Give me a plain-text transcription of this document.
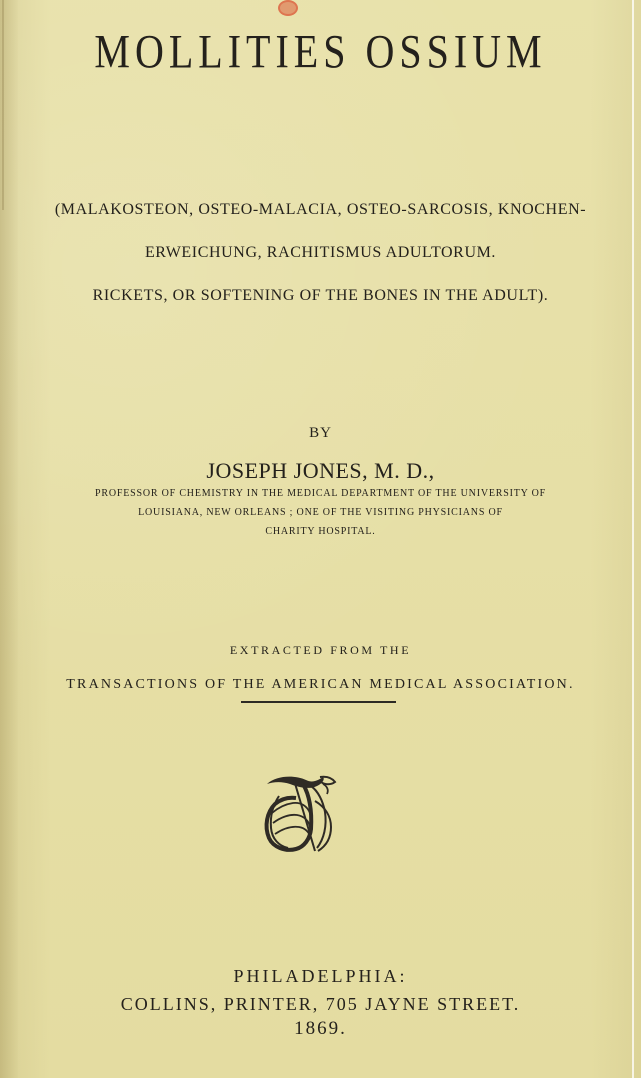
MOLLITIES OSSIUM
(MALAKOSTEON, OSTEO-MALACIA, OSTEO-SARCOSIS, KNOCHEN-
ERWEICHUNG, RACHITISMUS ADULTORUM.
RICKETS, OR SOFTENING OF THE BONES IN THE ADULT).
BY
JOSEPH JONES, M. D.,
PROFESSOR OF CHEMISTRY IN THE MEDICAL DEPARTMENT OF THE UNIVERSITY OF
LOUISIANA, NEW ORLEANS ; ONE OF THE VISITING PHYSICIANS OF
CHARITY HOSPITAL.
EXTRACTED FROM THE
TRANSACTIONS OF THE AMERICAN MEDICAL ASSOCIATION.
PHILADELPHIA:
COLLINS, PRINTER, 705 JAYNE STREET.
1869.
